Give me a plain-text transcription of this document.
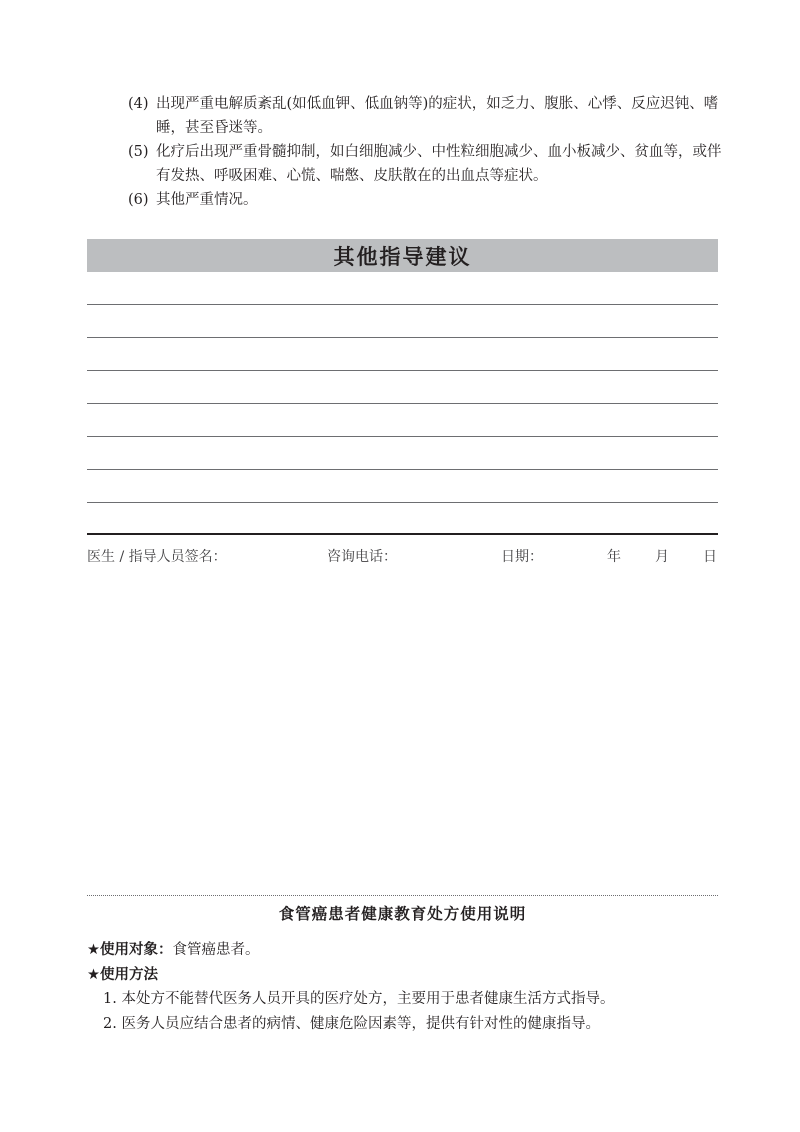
(4) 出现严重电解质紊乱(如低血钾、低血钠等)的症状，如乏力、腹胀、心悸、反应迟钝、嗜睡，甚至昏迷等。
(5) 化疗后出现严重骨髓抑制，如白细胞减少、中性粒细胞减少、血小板减少、贫血等，或伴有发热、呼吸困难、心慌、喘憋、皮肤散在的出血点等症状。
(6) 其他严重情况。
其他指导建议
医生 / 指导人员签名：	咨询电话：	日期：	年 月 日
食管癌患者健康教育处方使用说明
★使用对象：食管癌患者。
★使用方法
1. 本处方不能替代医务人员开具的医疗处方，主要用于患者健康生活方式指导。
2. 医务人员应结合患者的病情、健康危险因素等，提供有针对性的健康指导。
